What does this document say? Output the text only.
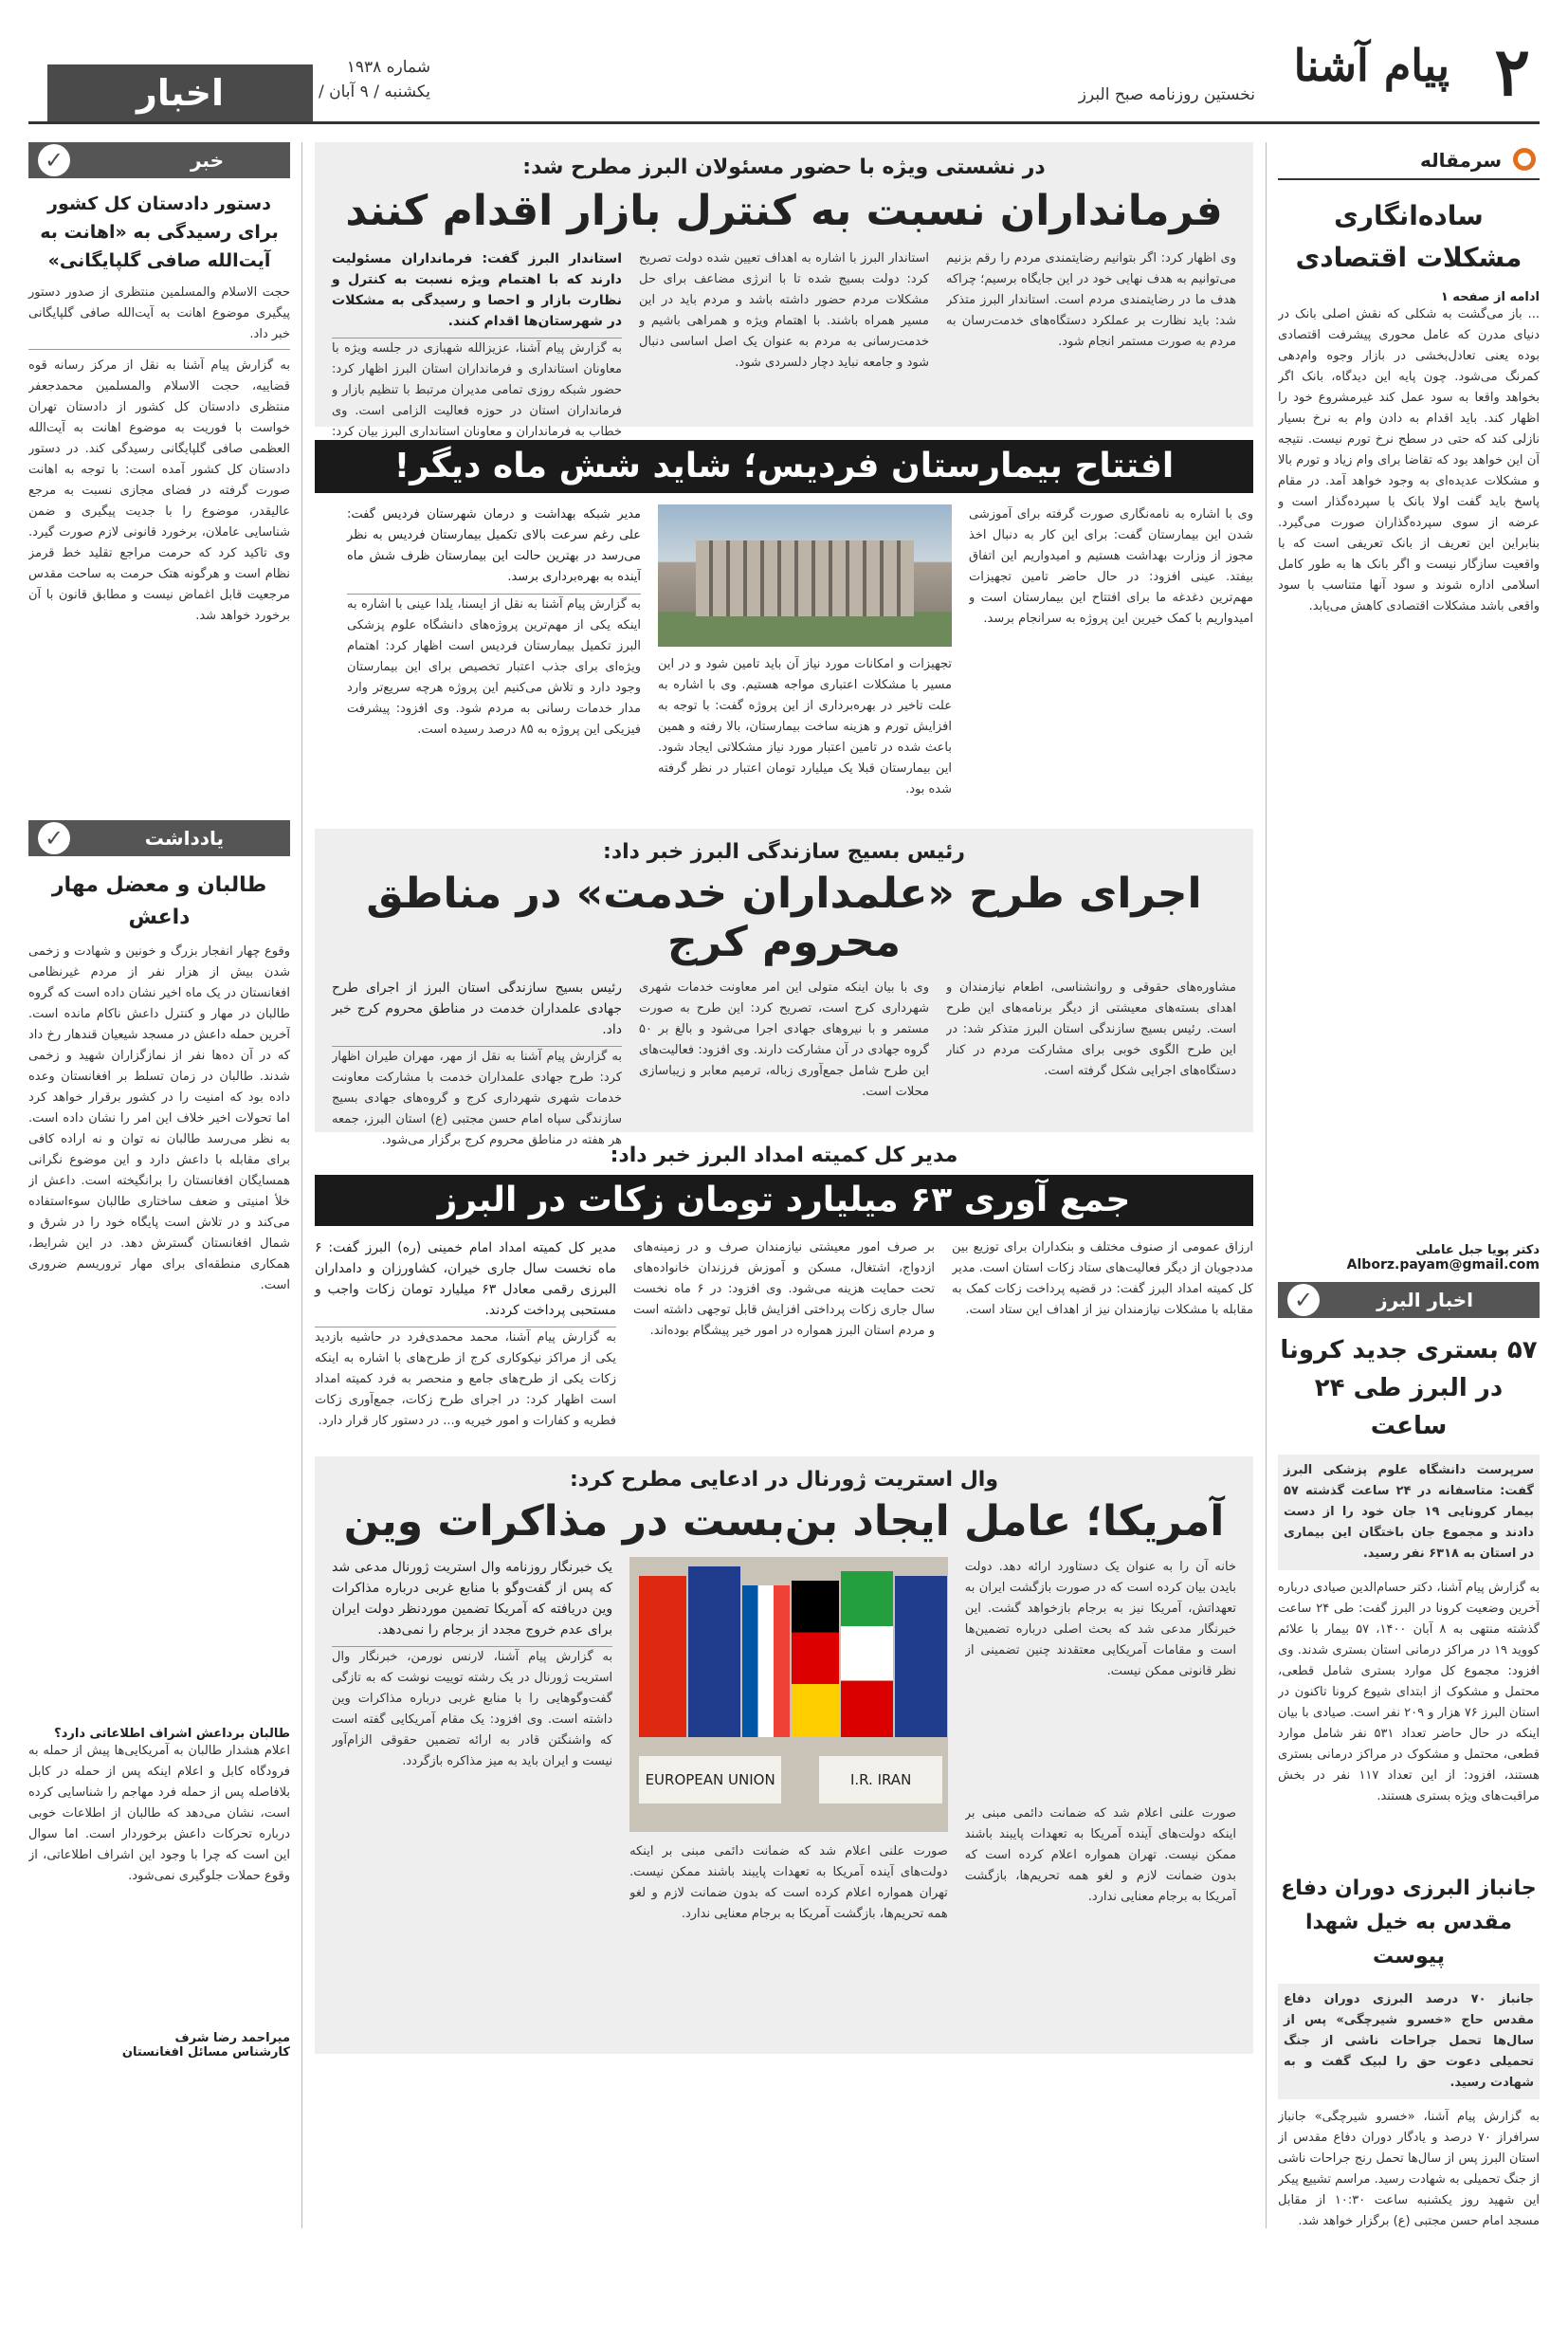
۲
پیام آشنا
نخستین روزنامه صبح البرز
شماره ۱۹۳۸
یکشنبه / ۹ آبان /
اخبار
سرمقاله
ساده‌انگاری مشکلات اقتصادی
ادامه از صفحه ۱
... باز می‌گشت به شکلی که نقش اصلی بانک در دنیای مدرن که عامل محوری پیشرفت اقتصادی بوده یعنی تعادل‌بخشی در بازار وجوه وام‌دهی کمرنگ می‌شود. چون پایه این دیدگاه، بانک اگر بخواهد واقعا به سود عمل کند غیرمشروع خود را اظهار کند. باید اقدام به دادن وام به نرخ بسیار نازلی کند که حتی در سطح نرخ تورم نیست. نتیجه آن این خواهد بود که تقاضا برای وام زیاد و تورم بالا و مشکلات عدیده‌ای به وجود خواهد آمد. در مقام پاسخ باید گفت اولا بانک با سپرده‌گذار است و عرضه از سوی سپرده‌گذاران صورت می‌گیرد. بنابراین این تعریف از بانک تعریفی است که با واقعیت سازگار نیست و اگر بانک ها به طور کامل اسلامی اداره شوند و سود آنها متناسب با سود واقعی باشد مشکلات اقتصادی کاهش می‌یابد.
دکتر پویا جبل عاملی
Alborz.payam@gmail.com
✓	اخبار البرز
۵۷ بستری جدید کرونا در البرز طی ۲۴ ساعت
سرپرست دانشگاه علوم پزشکی البرز گفت: متاسفانه در ۲۴ ساعت گذشته ۵۷ بیمار کرونایی ۱۹ جان خود را از دست دادند و مجموع جان باختگان این بیماری در استان به ۶۳۱۸ نفر رسید.
به گزارش پیام آشنا، دکتر حسام‌الدین صیادی درباره آخرین وضعیت کرونا در البرز گفت: طی ۲۴ ساعت گذشته منتهی به ۸ آبان ۱۴۰۰، ۵۷ بیمار با علائم کووید ۱۹ در مراکز درمانی استان بستری شدند. وی افزود: مجموع کل موارد بستری شامل قطعی، محتمل و مشکوک از ابتدای شیوع کرونا تاکنون در استان البرز ۷۶ هزار و ۲۰۹ نفر است. صیادی با بیان اینکه در حال حاضر تعداد ۵۳۱ نفر شامل موارد قطعی، محتمل و مشکوک در مراکز درمانی بستری هستند، افزود: از این تعداد ۱۱۷ نفر در بخش مراقبت‌های ویژه بستری هستند.
جانباز البرزی دوران دفاع مقدس به خیل شهدا پیوست
جانباز ۷۰ درصد البرزی دوران دفاع مقدس حاج «خسرو شیرچگی» پس از سال‌ها تحمل جراحات ناشی از جنگ تحمیلی دعوت حق را لبیک گفت و به شهادت رسید.
به گزارش پیام آشنا، «خسرو شیرچگی» جانباز سرافراز ۷۰ درصد و یادگار دوران دفاع مقدس از استان البرز پس از سال‌ها تحمل رنج جراحات ناشی از جنگ تحمیلی به شهادت رسید. مراسم تشییع پیکر این شهید روز یکشنبه ساعت ۱۰:۳۰ از مقابل مسجد امام حسن مجتبی (ع) برگزار خواهد شد.
در نشستی ویژه با حضور مسئولان البرز مطرح شد:
فرمانداران نسبت به کنترل بازار اقدام کنند
وی اظهار کرد: اگر بتوانیم رضایتمندی مردم را رقم بزنیم می‌توانیم به هدف نهایی خود در این جایگاه برسیم؛ چراکه هدف ما در رضایتمندی مردم است. استاندار البرز متذکر شد: باید نظارت بر عملکرد دستگاه‌های خدمت‌رسان به مردم به صورت مستمر انجام شود.
استاندار البرز با اشاره به اهداف تعیین شده دولت تصریح کرد: دولت بسیج شده تا با انرژی مضاعف برای حل مشکلات مردم حضور داشته باشد و مردم باید در این مسیر همراه باشند. با اهتمام ویژه و همراهی باشیم و خدمت‌رسانی به مردم به عنوان یک اصل اساسی دنبال شود و جامعه نباید دچار دلسردی شود.
استاندار البرز گفت: فرمانداران مسئولیت دارند که با اهتمام ویژه نسبت به کنترل و نظارت بازار و احصا و رسیدگی به مشکلات در شهرستان‌ها اقدام کنند.
به گزارش پیام آشنا، عزیزالله شهبازی در جلسه ویژه با معاونان استانداری و فرمانداران استان البرز اظهار کرد: حضور شبکه روزی تمامی مدیران مرتبط با تنظیم بازار و فرمانداران استان در حوزه فعالیت الزامی است. وی خطاب به فرمانداران و معاونان استانداری البرز بیان کرد:
افتتاح بیمارستان فردیس؛ شاید شش ماه دیگر!
وی با اشاره به نامه‌نگاری صورت گرفته برای آموزشی شدن این بیمارستان گفت: برای این کار به دنبال اخذ مجوز از وزارت بهداشت هستیم و امیدواریم این اتفاق بیفتد. عینی افزود: در حال حاضر تامین تجهیزات مهم‌ترین دغدغه ما برای افتتاح این بیمارستان است و امیدواریم با کمک خیرین این پروژه به سرانجام برسد.
تجهیزات و امکانات مورد نیاز آن باید تامین شود و در این مسیر با مشکلات اعتباری مواجه هستیم. وی با اشاره به علت تاخیر در بهره‌برداری از این پروژه گفت: با توجه به افزایش تورم و هزینه ساخت بیمارستان، بالا رفته و همین باعث شده در تامین اعتبار مورد نیاز مشکلاتی ایجاد شود. این بیمارستان قبلا یک میلیارد تومان اعتبار در نظر گرفته شده بود.
مدیر شبکه بهداشت و درمان شهرستان فردیس گفت: علی رغم سرعت بالای تکمیل بیمارستان فردیس به نظر می‌رسد در بهترین حالت این بیمارستان ظرف شش ماه آینده به بهره‌برداری برسد.
به گزارش پیام آشنا به نقل از ایسنا، یلدا عینی با اشاره به اینکه یکی از مهم‌ترین پروژه‌های دانشگاه علوم پزشکی البرز تکمیل بیمارستان فردیس است اظهار کرد: اهتمام ویژه‌ای برای جذب اعتبار تخصیص برای این بیمارستان وجود دارد و تلاش می‌کنیم این پروژه هرچه سریع‌تر وارد مدار خدمات رسانی به مردم شود. وی افزود: پیشرفت فیزیکی این پروژه به ۸۵ درصد رسیده است.
رئیس بسیج سازندگی البرز خبر داد:
اجرای طرح «علمداران خدمت» در مناطق محروم کرج
مشاوره‌های حقوقی و روانشناسی، اطعام نیازمندان و اهدای بسته‌های معیشتی از دیگر برنامه‌های این طرح است. رئیس بسیج سازندگی استان البرز متذکر شد: در این طرح الگوی خوبی برای مشارکت مردم در کنار دستگاه‌های اجرایی شکل گرفته است.
وی با بیان اینکه متولی این امر معاونت خدمات شهری شهرداری کرج است، تصریح کرد: این طرح به صورت مستمر و با نیروهای جهادی اجرا می‌شود و بالغ بر ۵۰ گروه جهادی در آن مشارکت دارند. وی افزود: فعالیت‌های این طرح شامل جمع‌آوری زباله، ترمیم معابر و زیباسازی محلات است.
رئیس بسیج سازندگی استان البرز از اجرای طرح جهادی علمداران خدمت در مناطق محروم کرج خبر داد.
به گزارش پیام آشنا به نقل از مهر، مهران طیران اظهار کرد: طرح جهادی علمداران خدمت با مشارکت معاونت خدمات شهری شهرداری کرج و گروه‌های جهادی بسیج سازندگی سپاه امام حسن مجتبی (ع) استان البرز، جمعه هر هفته در مناطق محروم کرج برگزار می‌شود.
مدیر کل کمیته امداد البرز خبر داد:
جمع آوری ۶۳ میلیارد تومان زکات در البرز
ارزاق عمومی از صنوف مختلف و بنکداران برای توزیع بین مددجویان از دیگر فعالیت‌های ستاد زکات استان است. مدیر کل کمیته امداد البرز گفت: در قضیه پرداخت زکات کمک به مقابله با مشکلات نیازمندان نیز از اهداف این ستاد است.
بر صرف امور معیشتی نیازمندان صرف و در زمینه‌های ازدواج، اشتغال، مسکن و آموزش فرزندان خانواده‌های تحت حمایت هزینه می‌شود. وی افزود: در ۶ ماه نخست سال جاری زکات پرداختی افزایش قابل توجهی داشته است و مردم استان البرز همواره در امور خیر پیشگام بوده‌اند.
مدیر کل کمیته امداد امام خمینی (ره) البرز گفت: ۶ ماه نخست سال جاری خیران، کشاورزان و دامداران البرزی رقمی معادل ۶۳ میلیارد تومان زکات واجب و مستحبی پرداخت کردند.
به گزارش پیام آشنا، محمد محمدی‌فرد در حاشیه بازدید یکی از مراکز نیکوکاری کرج از طرح‌های با اشاره به اینکه زکات یکی از طرح‌های جامع و منحصر به فرد کمیته امداد است اظهار کرد: در اجرای طرح زکات، جمع‌آوری زکات فطریه و کفارات و امور خیریه و... در دستور کار قرار دارد.
وال استریت ژورنال در ادعایی مطرح کرد:
آمریکا؛ عامل ایجاد بن‌بست در مذاکرات وین
خانه آن را به عنوان یک دستاورد ارائه دهد. دولت بایدن بیان کرده است که در صورت بازگشت ایران به تعهداتش، آمریکا نیز به برجام بازخواهد گشت. این خبرنگار مدعی شد که بحث اصلی درباره تضمین‌ها است و مقامات آمریکایی معتقدند چنین تضمینی از نظر قانونی ممکن نیست.
صورت علنی اعلام شد که ضمانت دائمی مبنی بر اینکه دولت‌های آینده آمریکا به تعهدات پایبند باشند ممکن نیست. تهران همواره اعلام کرده است که بدون ضمانت لازم و لغو همه تحریم‌ها، بازگشت آمریکا به برجام معنایی ندارد.
EUROPEAN UNION	I.R. IRAN
صورت علنی اعلام شد که ضمانت دائمی مبنی بر اینکه دولت‌های آینده آمریکا به تعهدات پایبند باشند ممکن نیست. تهران همواره اعلام کرده است که بدون ضمانت لازم و لغو همه تحریم‌ها، بازگشت آمریکا به برجام معنایی ندارد.
یک خبرنگار روزنامه وال استریت ژورنال مدعی شد که پس از گفت‌وگو با منابع غربی درباره مذاکرات وین دریافته که آمریکا تضمین موردنظر دولت ایران برای عدم خروج مجدد از برجام را نمی‌دهد.
به گزارش پیام آشنا، لارنس نورمن، خبرنگار وال استریت ژورنال در یک رشته توییت نوشت که به تازگی گفت‌وگوهایی را با منابع غربی درباره مذاکرات وین داشته است. وی افزود: یک مقام آمریکایی گفته است که واشنگتن قادر به ارائه تضمین حقوقی الزام‌آور نیست و ایران باید به میز مذاکره بازگردد.
✓	خبر
دستور دادستان کل کشور برای رسیدگی به «اهانت به آیت‌الله صافی گلپایگانی»
حجت الاسلام والمسلمین منتظری از صدور دستور پیگیری موضوع اهانت به آیت‌الله صافی گلپایگانی خبر داد.
به گزارش پیام آشنا به نقل از مرکز رسانه قوه قضاییه، حجت الاسلام والمسلمین محمدجعفر منتظری دادستان کل کشور از دادستان تهران خواست با فوریت به موضوع اهانت به آیت‌الله العظمی صافی گلپایگانی رسیدگی کند. در دستور دادستان کل کشور آمده است: با توجه به اهانت صورت گرفته در فضای مجازی نسبت به مرجع عالیقدر، موضوع را با جدیت پیگیری و ضمن شناسایی عاملان، برخورد قانونی لازم صورت گیرد. وی تاکید کرد که حرمت مراجع تقلید خط قرمز نظام است و هرگونه هتک حرمت به ساحت مقدس مرجعیت قابل اغماض نیست و مطابق قانون با آن برخورد خواهد شد.
✓	یادداشت
طالبان و معضل مهار داعش
وقوع چهار انفجار بزرگ و خونین و شهادت و زخمی شدن بیش از هزار نفر از مردم غیرنظامی افغانستان در یک ماه اخیر نشان داده است که گروه طالبان در مهار و کنترل داعش ناکام مانده است. آخرین حمله داعش در مسجد شیعیان قندهار رخ داد که در آن ده‌ها نفر از نمازگزاران شهید و زخمی شدند. طالبان در زمان تسلط بر افغانستان وعده داده بود که امنیت را در کشور برقرار خواهد کرد اما تحولات اخیر خلاف این امر را نشان داده است. به نظر می‌رسد طالبان نه توان و نه اراده کافی برای مقابله با داعش دارد و این موضوع نگرانی همسایگان افغانستان را برانگیخته است. داعش از خلأ امنیتی و ضعف ساختاری طالبان سوءاستفاده می‌کند و در تلاش است پایگاه خود را در شرق و شمال افغانستان گسترش دهد. در این شرایط، همکاری منطقه‌ای برای مهار تروریسم ضروری است.
طالبان برداعش اشراف اطلاعاتی دارد؟
اعلام هشدار طالبان به آمریکایی‌ها پیش از حمله به فرودگاه کابل و اعلام اینکه پس از حمله در کابل بلافاصله پس از حمله فرد مهاجم را شناسایی کرده است، نشان می‌دهد که طالبان از اطلاعات خوبی درباره تحرکات داعش برخوردار است. اما سوال این است که چرا با وجود این اشراف اطلاعاتی، از وقوع حملات جلوگیری نمی‌شود.
میراحمد رضا شرف
کارشناس مسائل افغانستان
